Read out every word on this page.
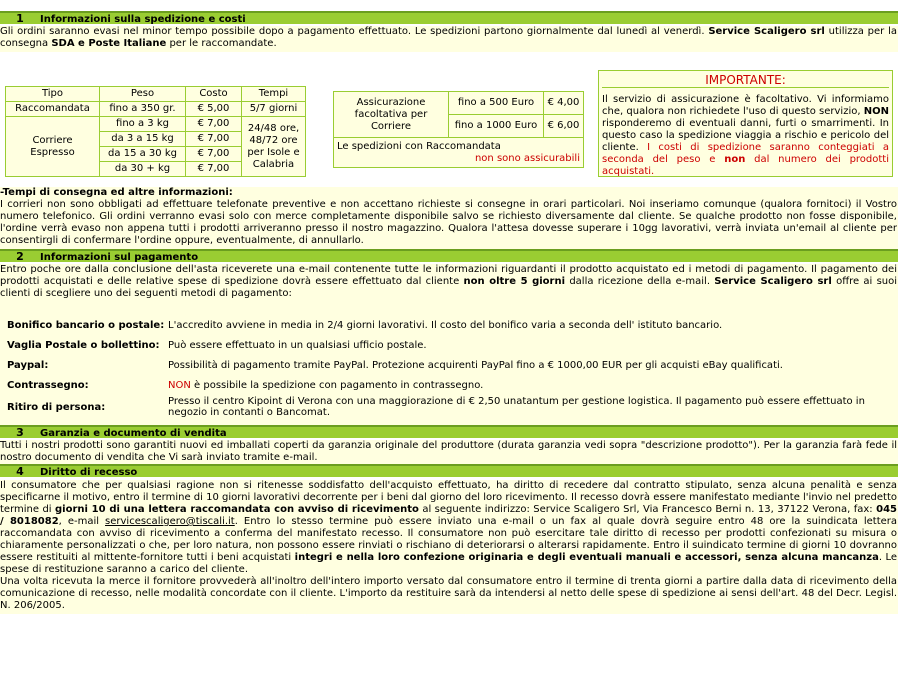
1 Informazioni sulla spedizione e costi
Gli ordini saranno evasi nel minor tempo possibile dopo a pagamento effettuato. Le spedizioni partono giornalmente dal lunedì al venerdì. Service Scaligero srl utilizza per la consegna SDA e Poste Italiane per le raccomandate.
Tipo	Peso	Costo	Tempi
Raccomandata	fino a 350 gr.	€ 5,00	5/7 giorni
Corriere Espresso	fino a 3 kg	€ 7,00	24/48 ore, 48/72 ore per Isole e Calabria
	da 3 a 15 kg	€ 7,00	
	da 15 a 30 kg	€ 7,00	
	da 30 + kg	€ 7,00	
Assicurazione facoltativa per Corriere	fino a 500 Euro	€ 4,00
	fino a 1000 Euro	€ 6,00

Le spedizioni con Raccomandata
non sono assicurabili		
IMPORTANTE:
Il servizio di assicurazione è facoltativo. Vi informiamo che, qualora non richiedete l'uso di questo servizio, NON risponderemo di eventuali danni, furti o smarrimenti. In questo caso la spedizione viaggia a rischio e pericolo del cliente. I costi di spedizione saranno conteggiati a seconda del peso e non dal numero dei prodotti acquistati.
-Tempi di consegna ed altre informazioni:
I corrieri non sono obbligati ad effettuare telefonate preventive e non accettano richieste si consegne in orari particolari. Noi inseriamo comunque (qualora fornitoci) il Vostro numero telefonico. Gli ordini verranno evasi solo con merce completamente disponibile salvo se richiesto diversamente dal cliente. Se qualche prodotto non fosse disponibile, l'ordine verrà evaso non appena tutti i prodotti arriveranno presso il nostro magazzino. Qualora l'attesa dovesse superare i 10gg lavorativi, verrà inviata un'email al cliente per consentirgli di confermare l'ordine oppure, eventualmente, di annullarlo.
2 Informazioni sul pagamento
Entro poche ore dalla conclusione dell'asta riceverete una e-mail contenente tutte le informazioni riguardanti il prodotto acquistato ed i metodi di pagamento. Il pagamento dei prodotti acquistati e delle relative spese di spedizione dovrà essere effettuato dal cliente non oltre 5 giorni dalla ricezione della e-mail. Service Scaligero srl offre ai suoi clienti di scegliere uno dei seguenti metodi di pagamento:
Bonifico bancario o postale: L'accredito avviene in media in 2/4 giorni lavorativi. Il costo del bonifico varia a seconda dell' istituto bancario.
Vaglia Postale o bollettino: Può essere effettuato in un qualsiasi ufficio postale.
Paypal:	Possibilità di pagamento tramite PayPal. Protezione acquirenti PayPal fino a € 1000,00 EUR per gli acquisti eBay qualificati.
Contrassegno:	NON è possibile la spedizione con pagamento in contrassegno.
Ritiro di persona:	Presso il centro Kipoint di Verona con una maggiorazione di € 2,50 unatantum per gestione logistica. Il pagamento può essere effettuato in negozio in contanti o Bancomat.
3 Garanzia e documento di vendita
Tutti i nostri prodotti sono garantiti nuovi ed imballati coperti da garanzia originale del produttore (durata garanzia vedi sopra "descrizione prodotto"). Per la garanzia farà fede il nostro documento di vendita che Vi sarà inviato tramite e-mail.
4 Diritto di recesso
Il consumatore che per qualsiasi ragione non si ritenesse soddisfatto dell'acquisto effettuato, ha diritto di recedere dal contratto stipulato, senza alcuna penalità e senza specificarne il motivo, entro il termine di 10 giorni lavorativi decorrente per i beni dal giorno del loro ricevimento. Il recesso dovrà essere manifestato mediante l'invio nel predetto termine di giorni 10 di una lettera raccomandata con avviso di ricevimento al seguente indirizzo: Service Scaligero Srl, Via Francesco Berni n. 13, 37122 Verona, fax: 045 / 8018082, e-mail servicescaligero@tiscali.it. Entro lo stesso termine può essere inviato una e-mail o un fax al quale dovrà seguire entro 48 ore la suindicata lettera raccomandata con avviso di ricevimento a conferma del manifestato recesso. Il consumatore non può esercitare tale diritto di recesso per prodotti confezionati su misura o chiaramente personalizzati o che, per loro natura, non possono essere rinviati o rischiano di deteriorarsi o alterarsi rapidamente. Entro il suindicato termine di giorni 10 dovranno essere restituiti al mittente-fornitore tutti i beni acquistati integri e nella loro confezione originaria e degli eventuali manuali e accessori, senza alcuna mancanza. Le spese di restituzione saranno a carico del cliente.
Una volta ricevuta la merce il fornitore provvederà all'inoltro dell'intero importo versato dal consumatore entro il termine di trenta giorni a partire dalla data di ricevimento della comunicazione di recesso, nelle modalità concordate con il cliente. L'importo da restituire sarà da intendersi al netto delle spese di spedizione ai sensi dell'art. 48 del Decr. Legisl. N. 206/2005.
